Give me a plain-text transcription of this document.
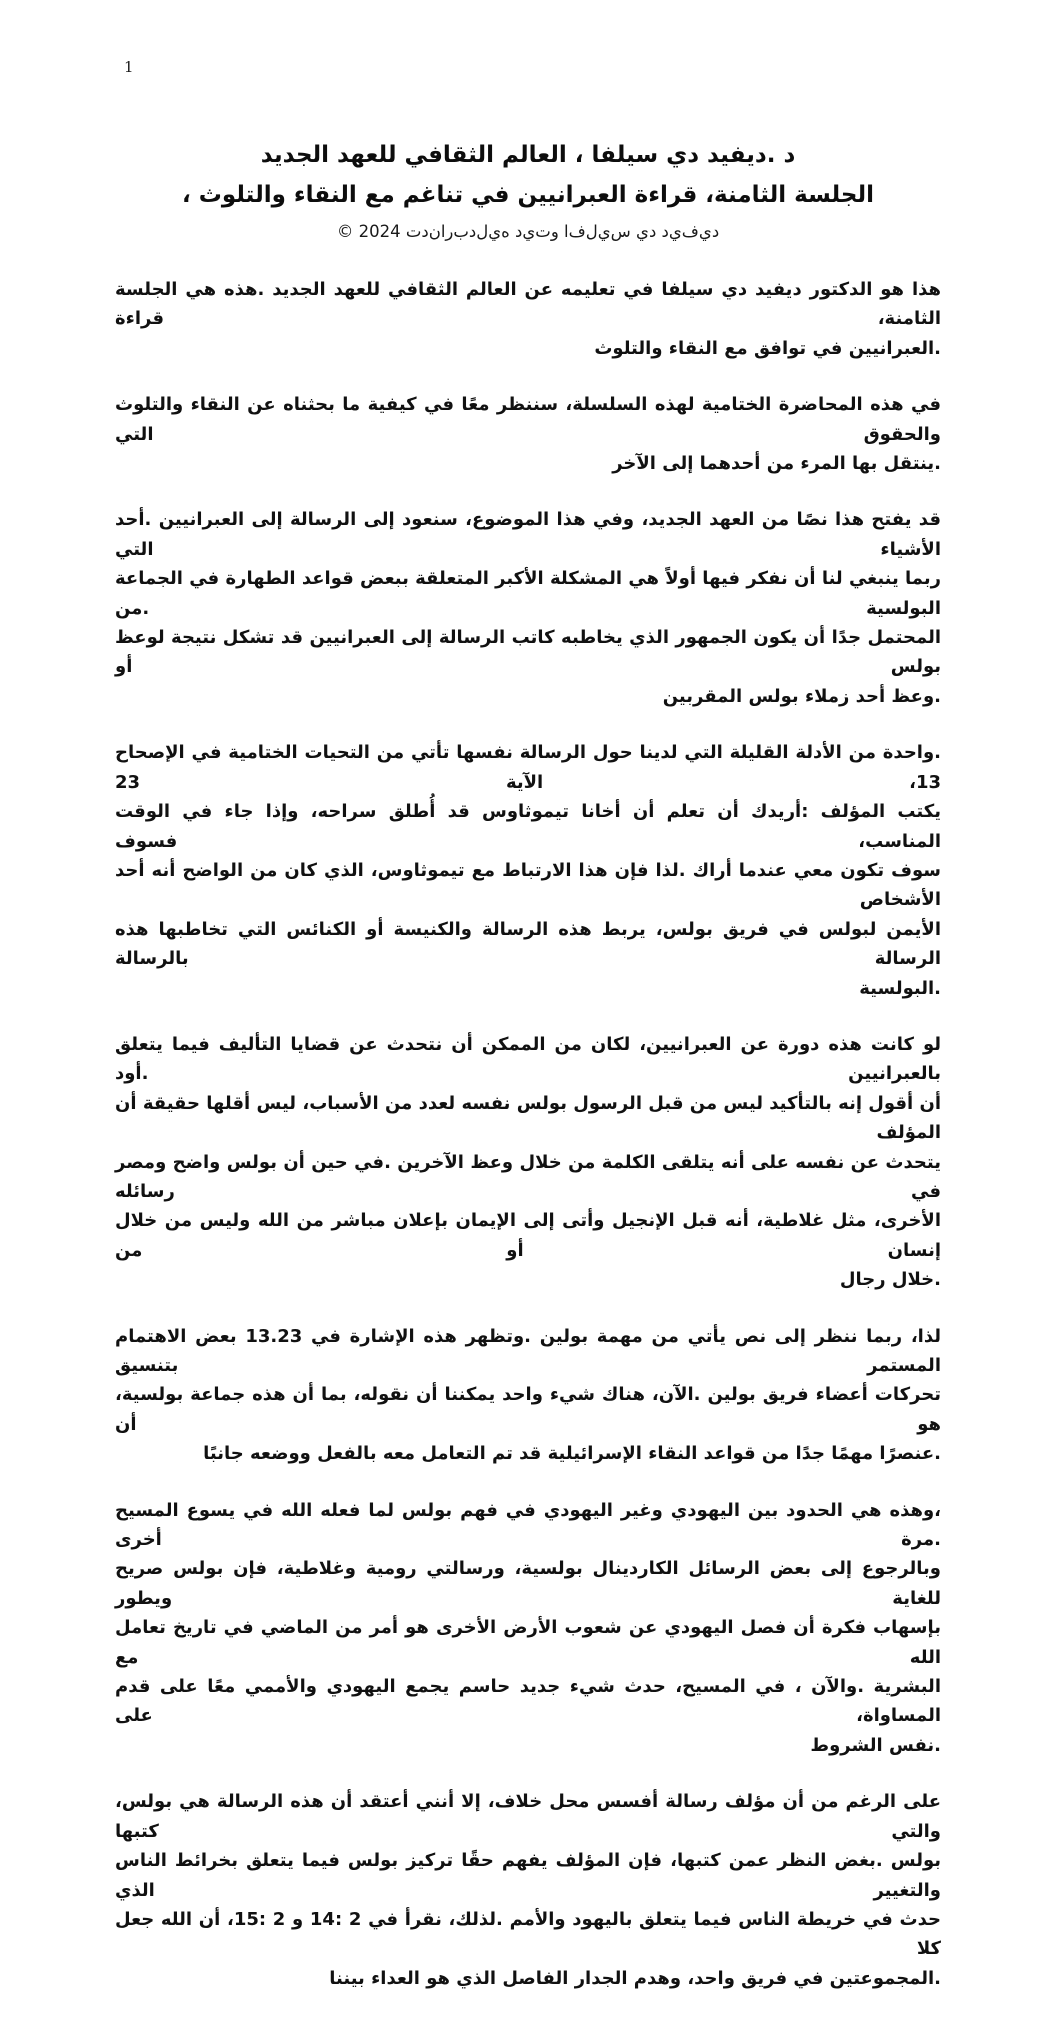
1
د .ديفيد دي سيلفا ، العالم الثقافي للعهد الجديد
الجلسة الثامنة، قراءة العبرانيين في تناغم مع النقاء والتلوث ،
د‌ي‌ف‌ي‌د د‌ي س‌ي‌ل‌ف‌ا و‌ت‌ي‌د ه‌ي‌ل‌د‌ب‌ر‌ا‌ن‌د‌ت 2024 ©
هذا هو الدكتور ديفيد دي سيلفا في تعليمه عن العالم الثقافي للعهد الجديد .هذه هي الجلسة الثامنة، قراءة
.العبرانيين في توافق مع النقاء والتلوث
في هذه المحاضرة الختامية لهذه السلسلة، سننظر معًا في كيفية ما بحثناه عن النقاء والتلوث والحقوق التي
.ينتقل بها المرء من أحدهما إلى الآخر
قد يفتح هذا نصًا من العهد الجديد، وفي هذا الموضوع، سنعود إلى الرسالة إلى العبرانيين .أحد الأشياء التي
ربما ينبغي لنا أن نفكر فيها أولاً هي المشكلة الأكبر المتعلقة ببعض قواعد الطهارة في الجماعة البولسية .من
المحتمل جدًا أن يكون الجمهور الذي يخاطبه كاتب الرسالة إلى العبرانيين قد تشكل نتيجة لوعظ بولس أو
.وعظ أحد زملاء بولس المقربين
.واحدة من الأدلة القليلة التي لدينا حول الرسالة نفسها تأتي من التحيات الختامية في الإصحاح 13، الآية 23
يكتب المؤلف :أريدك أن تعلم أن أخانا تيموثاوس قد أُطلق سراحه، وإذا جاء في الوقت المناسب، فسوف
سوف تكون معي عندما أراك .لذا فإن هذا الارتباط مع تيموثاوس، الذي كان من الواضح أنه أحد الأشخاص
الأيمن لبولس في فريق بولس، يربط هذه الرسالة والكنيسة أو الكنائس التي تخاطبها هذه الرسالة بالرسالة
.البولسية
لو كانت هذه دورة عن العبرانيين، لكان من الممكن أن نتحدث عن قضايا التأليف فيما يتعلق بالعبرانيين .أود
أن أقول إنه بالتأكيد ليس من قبل الرسول بولس نفسه لعدد من الأسباب، ليس أقلها حقيقة أن المؤلف
يتحدث عن نفسه على أنه يتلقى الكلمة من خلال وعظ الآخرين .في حين أن بولس واضح ومصر في رسائله
الأخرى، مثل غلاطية، أنه قبل الإنجيل وأتى إلى الإيمان بإعلان مباشر من الله وليس من خلال إنسان أو من
.خلال رجال
لذا، ربما ننظر إلى نص يأتي من مهمة بولين .وتظهر هذه الإشارة في 13.23 بعض الاهتمام المستمر بتنسيق
تحركات أعضاء فريق بولين .الآن، هناك شيء واحد يمكننا أن نقوله، بما أن هذه جماعة بولسية، هو أن
.عنصرًا مهمًا جدًا من قواعد النقاء الإسرائيلية قد تم التعامل معه بالفعل ووضعه جانبًا
،وهذه هي الحدود بين اليهودي وغير اليهودي في فهم بولس لما فعله الله في يسوع المسيح .مرة أخرى
وبالرجوع إلى بعض الرسائل الكاردينال بولسية، ورسالتي رومية وغلاطية، فإن بولس صريح للغاية ويطور
بإسهاب فكرة أن فصل اليهودي عن شعوب الأرض الأخرى هو أمر من الماضي في تاريخ تعامل الله مع
البشرية .والآن ، في المسيح، حدث شيء جديد حاسم يجمع اليهودي والأممي معًا على قدم المساواة، على
.نفس الشروط
على الرغم من أن مؤلف رسالة أفسس محل خلاف، إلا أنني أعتقد أن هذه الرسالة هي بولس، والتي كتبها
بولس .بغض النظر عمن كتبها، فإن المؤلف يفهم حقًا تركيز بولس فيما يتعلق بخرائط الناس والتغيير الذي
حدث في خريطة الناس فيما يتعلق باليهود والأمم .لذلك، نقرأ في 2 :14 و 2 :15، أن الله جعل كلا
.المجموعتين في فريق واحد، وهدم الجدار الفاصل الذي هو العداء بيننا
